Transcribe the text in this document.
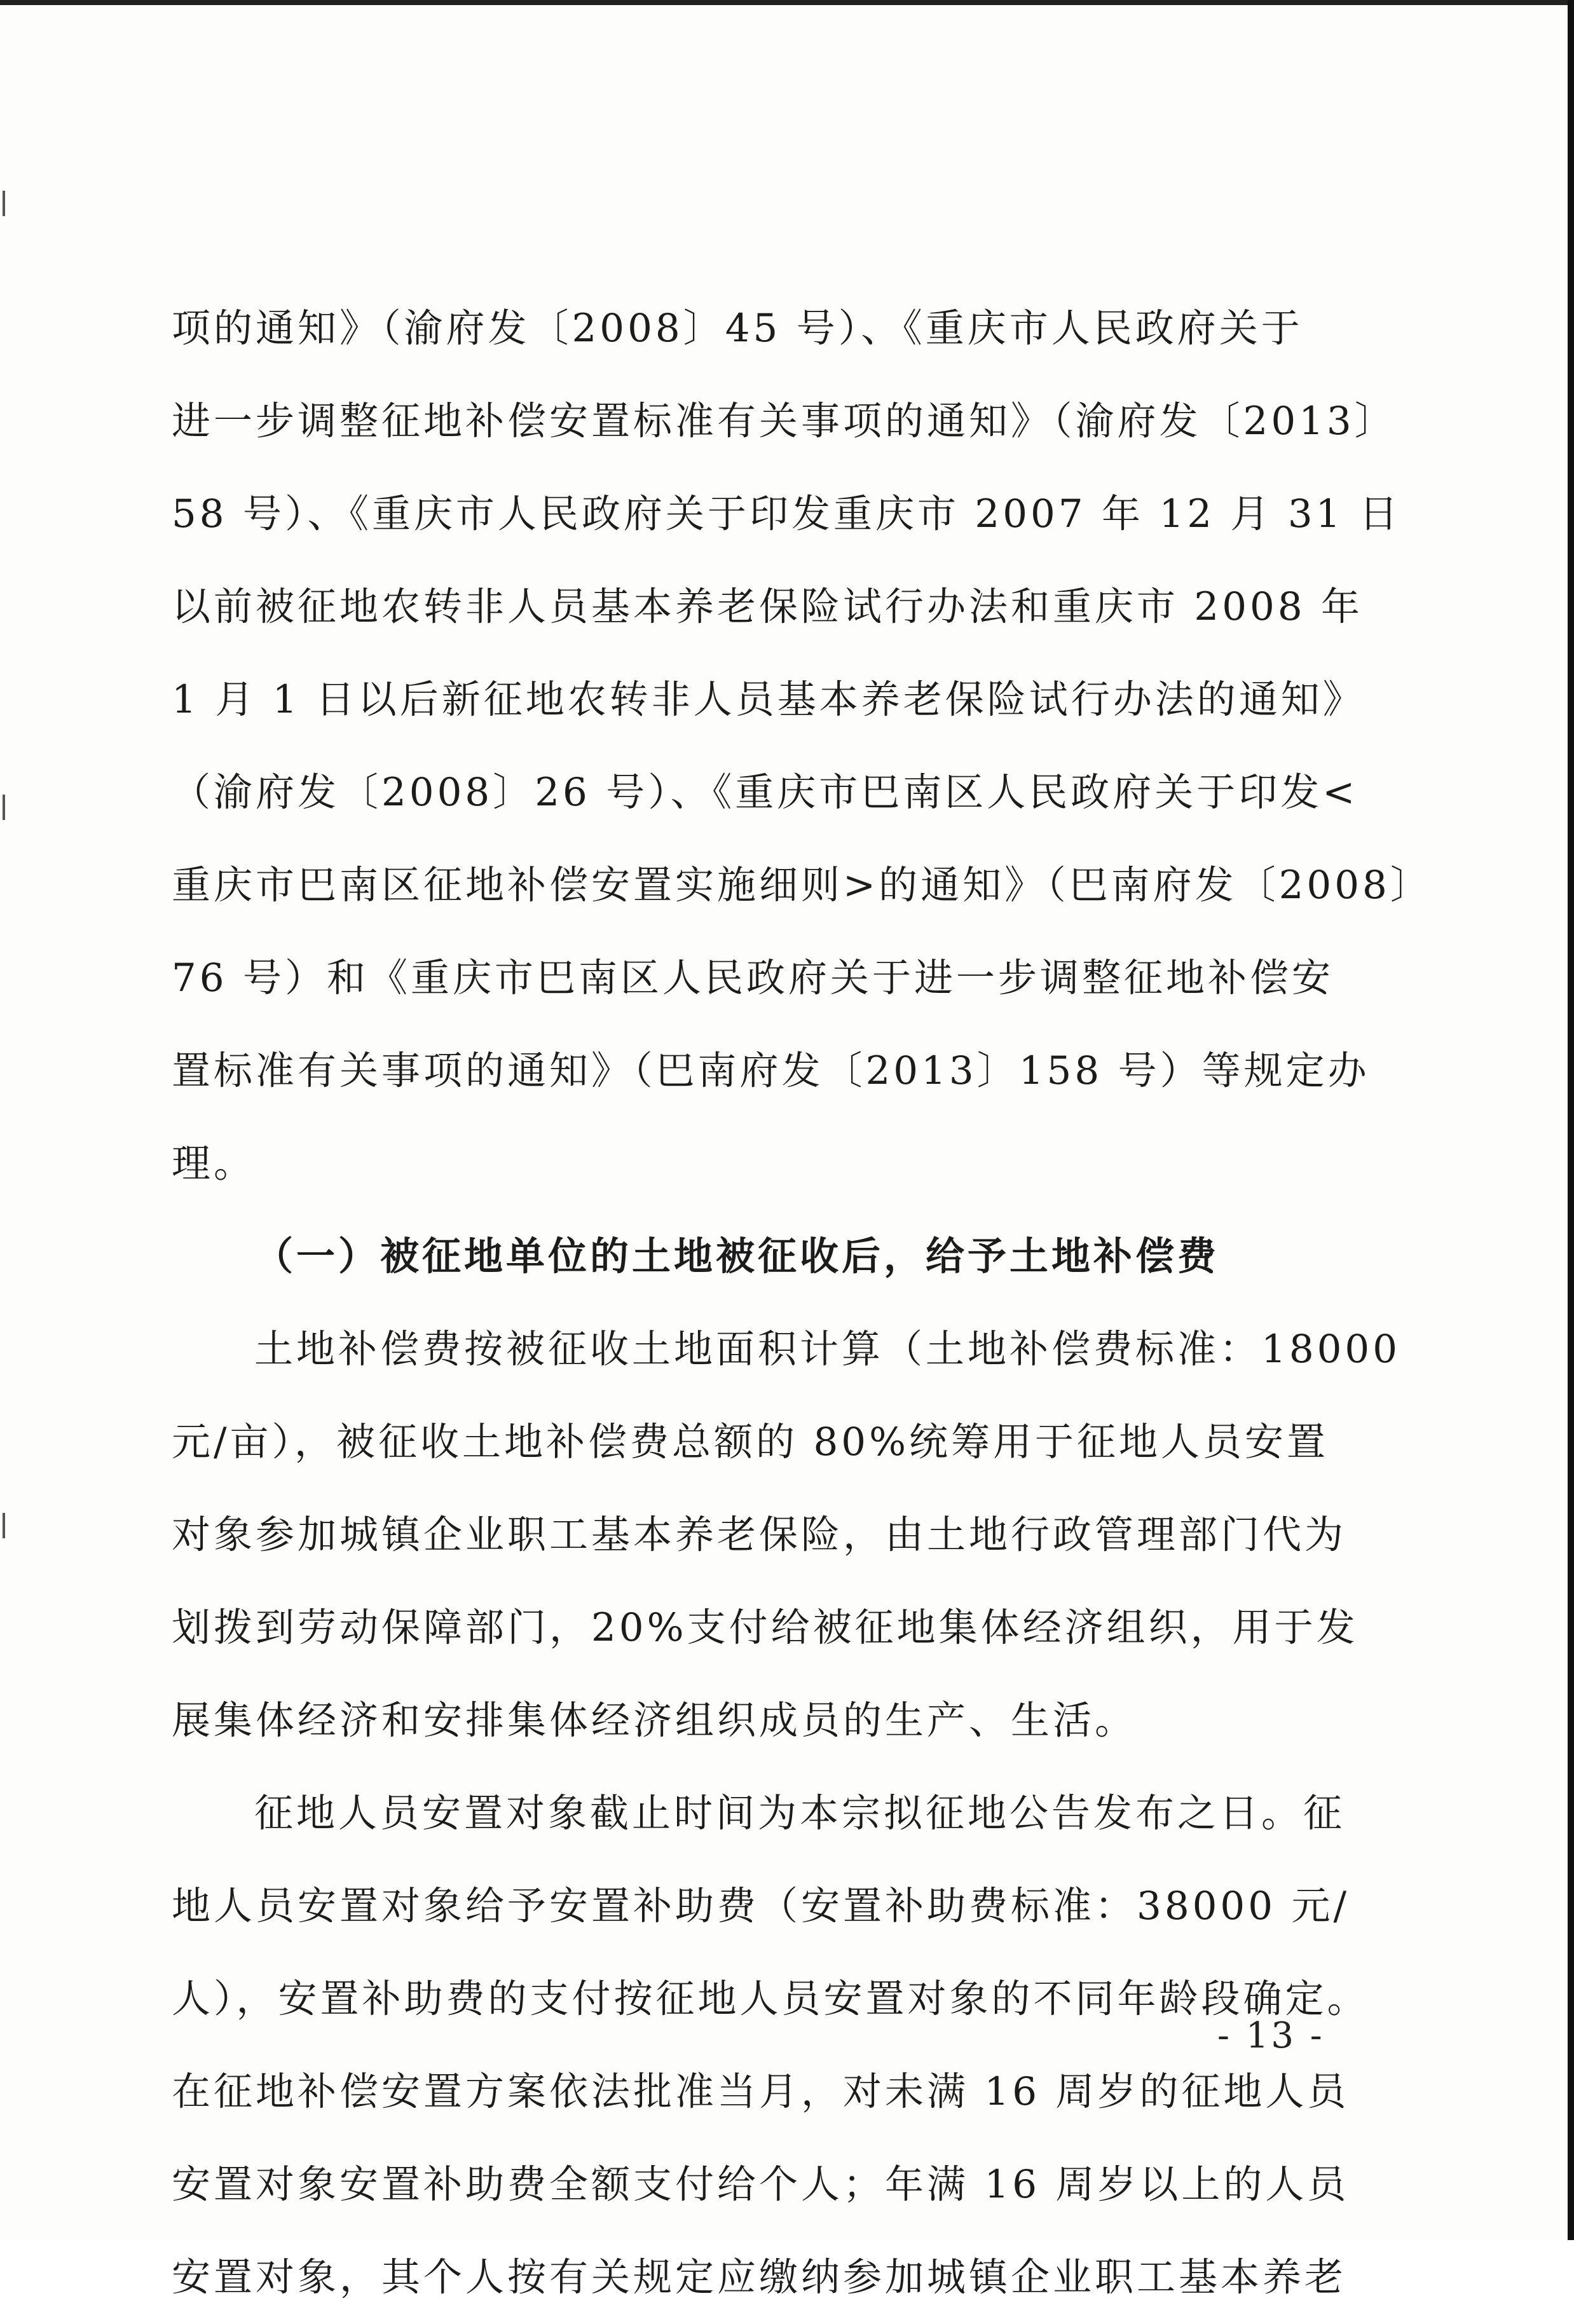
项的通知》（渝府发〔2008〕45 号）、《重庆市人民政府关于
进一步调整征地补偿安置标准有关事项的通知》（渝府发〔2013〕
58 号）、《重庆市人民政府关于印发重庆市 2007 年 12 月 31 日
以前被征地农转非人员基本养老保险试行办法和重庆市 2008 年
1 月 1 日以后新征地农转非人员基本养老保险试行办法的通知》
（渝府发〔2008〕26 号）、《重庆市巴南区人民政府关于印发<
重庆市巴南区征地补偿安置实施细则>的通知》（巴南府发〔2008〕
76 号）和《重庆市巴南区人民政府关于进一步调整征地补偿安
置标准有关事项的通知》（巴南府发〔2013〕158 号）等规定办
理。
（一）被征地单位的土地被征收后，给予土地补偿费
土地补偿费按被征收土地面积计算（土地补偿费标准：18000
元/亩），被征收土地补偿费总额的 80%统筹用于征地人员安置
对象参加城镇企业职工基本养老保险，由土地行政管理部门代为
划拨到劳动保障部门，20%支付给被征地集体经济组织，用于发
展集体经济和安排集体经济组织成员的生产、生活。
征地人员安置对象截止时间为本宗拟征地公告发布之日。征
地人员安置对象给予安置补助费（安置补助费标准：38000 元/
人），安置补助费的支付按征地人员安置对象的不同年龄段确定。
在征地补偿安置方案依法批准当月，对未满 16 周岁的征地人员
安置对象安置补助费全额支付给个人；年满 16 周岁以上的人员
安置对象，其个人按有关规定应缴纳参加城镇企业职工基本养老
- 13 -
